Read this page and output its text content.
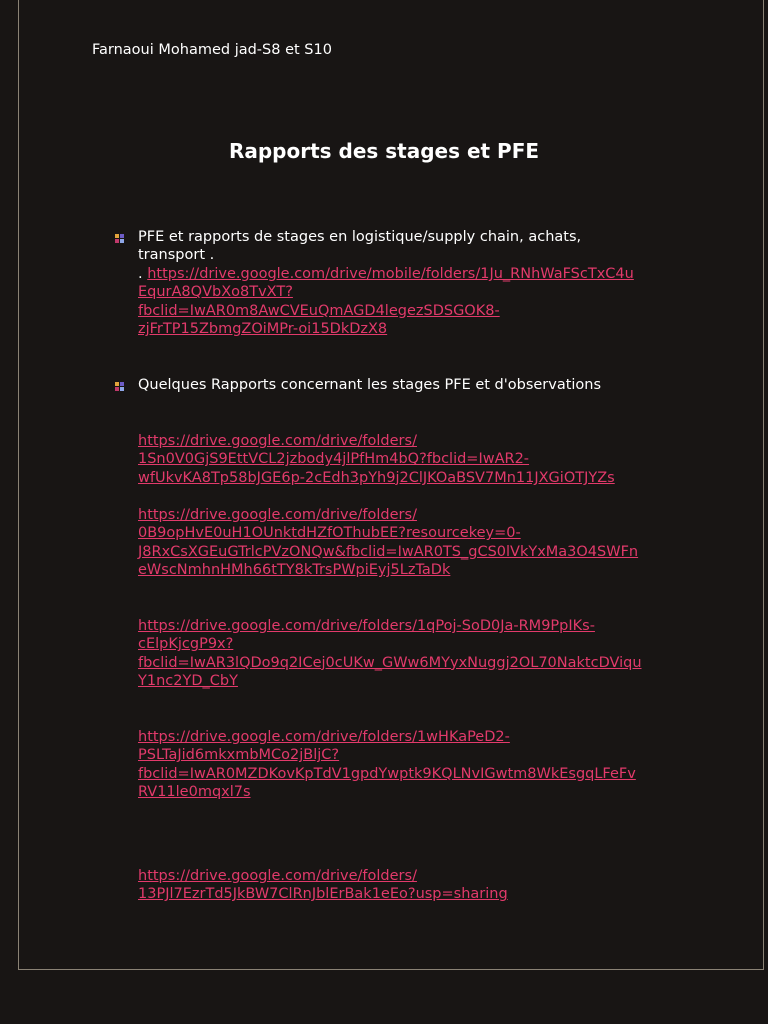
Farnaoui Mohamed jad-S8 et S10
Rapports des stages et PFE
PFE et rapports de stages en logistique/supply chain, achats,
transport .
. https://drive.google.com/drive/mobile/folders/1Ju_RNhWaFScTxC4u
EqurA8QVbXo8TvXT?
fbclid=IwAR0m8AwCVEuQmAGD4legezSDSGOK8-
zjFrTP15ZbmgZOiMPr-oi15DkDzX8
Quelques Rapports concernant les stages PFE et d'observations
https://drive.google.com/drive/folders/
1Sn0V0GjS9EttVCL2jzbody4jlPfHm4bQ?fbclid=IwAR2-
wfUkvKA8Tp58bJGE6p-2cEdh3pYh9j2ClJKOaBSV7Mn11JXGiOTJYZs
https://drive.google.com/drive/folders/
0B9opHvE0uH1OUnktdHZfOThubEE?resourcekey=0-
J8RxCsXGEuGTrlcPVzONQw&fbclid=IwAR0TS_gCS0lVkYxMa3O4SWFn
eWscNmhnHMh66tTY8kTrsPWpiEyj5LzTaDk
https://drive.google.com/drive/folders/1qPoj-SoD0Ja-RM9PpIKs-
cElpKjcgP9x?
fbclid=IwAR3lQDo9q2ICej0cUKw_GWw6MYyxNuggj2OL70NaktcDViqu
Y1nc2YD_CbY
https://drive.google.com/drive/folders/1wHKaPeD2-
PSLTaJid6mkxmbMCo2jBljC?
fbclid=IwAR0MZDKovKpTdV1gpdYwptk9KQLNvIGwtm8WkEsgqLFeFv
RV11le0mqxl7s
https://drive.google.com/drive/folders/
13PJl7EzrTd5JkBW7ClRnJblErBak1eEo?usp=sharing
